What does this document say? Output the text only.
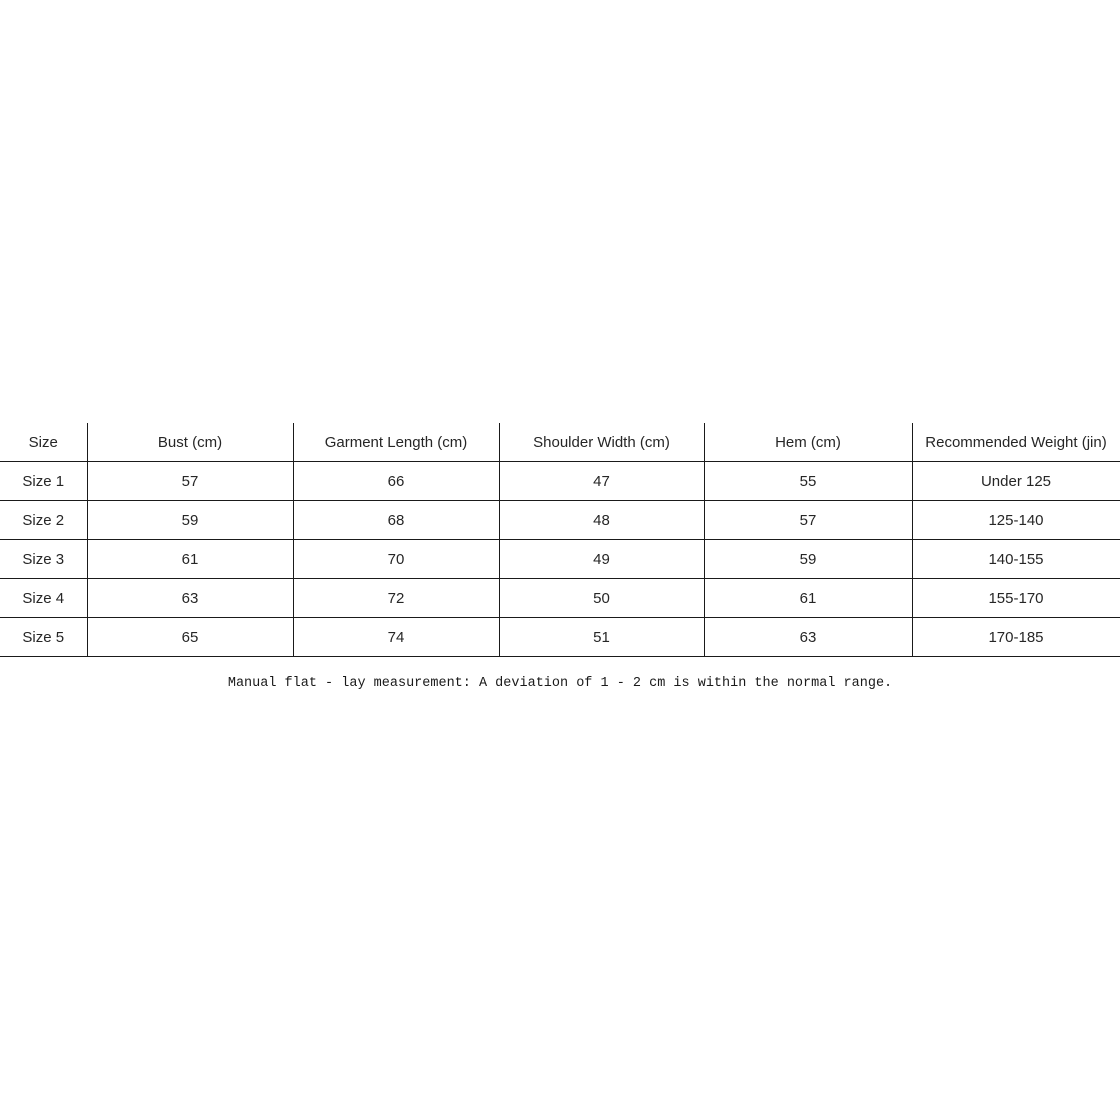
Size	Bust (cm)	Garment Length (cm)	Shoulder Width (cm)	Hem (cm)	Recommended Weight (jin)
Size 1	57	66	47	55	Under 125
Size 2	59	68	48	57	125-140
Size 3	61	70	49	59	140-155
Size 4	63	72	50	61	155-170
Size 5	65	74	51	63	170-185
Manual flat - lay measurement: A deviation of 1 - 2 cm is within the normal range.
